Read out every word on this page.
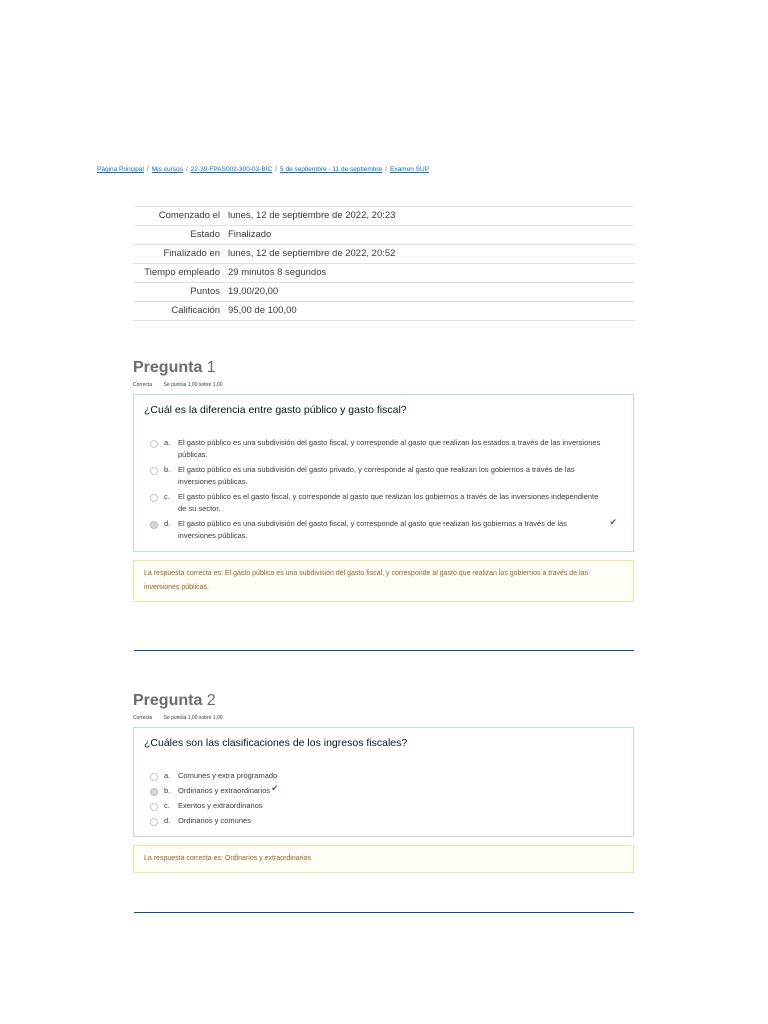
Página Principal / Mis cursos / 22-39-FPAS002-300-03-BIC / 5 de septiembre - 11 de septiembre / Examen SUP
Comenzado el	lunes, 12 de septiembre de 2022, 20:23
Estado	Finalizado
Finalizado en	lunes, 12 de septiembre de 2022, 20:52
Tiempo empleado	29 minutos 8 segundos
Puntos	19,00/20,00
Calificación	95,00 de 100,00
Pregunta 1
Correcta Se puntúa 1,00 sobre 1,00

¿Cuál es la diferencia entre gasto público y gasto fiscal?

a.	El gasto público es una subdivisión del gasto fiscal, y corresponde al gasto que realizan los estados a través de las inversiones públicas.
b.	El gasto público es una subdivisión del gasto privado, y corresponde al gasto que realizan los gobiernos a través de las inversiones públicas.
c.	El gasto público es el gasto fiscal, y corresponde al gasto que realizan los gobiernos a través de las inversiones independiente de su sector.
d.	El gasto público es una subdivisión del gasto fiscal, y corresponde al gasto que realizan los gobiernos a través de las inversiones públicas.
✔
La respuesta correcta es: El gasto público es una subdivisión del gasto fiscal, y corresponde al gasto que realizan los gobiernos a través de las inversiones públicas.
Pregunta 2
Correcta Se puntúa 1,00 sobre 1,00

¿Cuáles son las clasificaciones de los ingresos fiscales?

a.	Comunes y extra programado
b.	Ordinarios y extraordinarios ✔
c.	Exentos y extraordinarios
d.	Ordinarios y comunes
La respuesta correcta es: Ordinarios y extraordinarios
